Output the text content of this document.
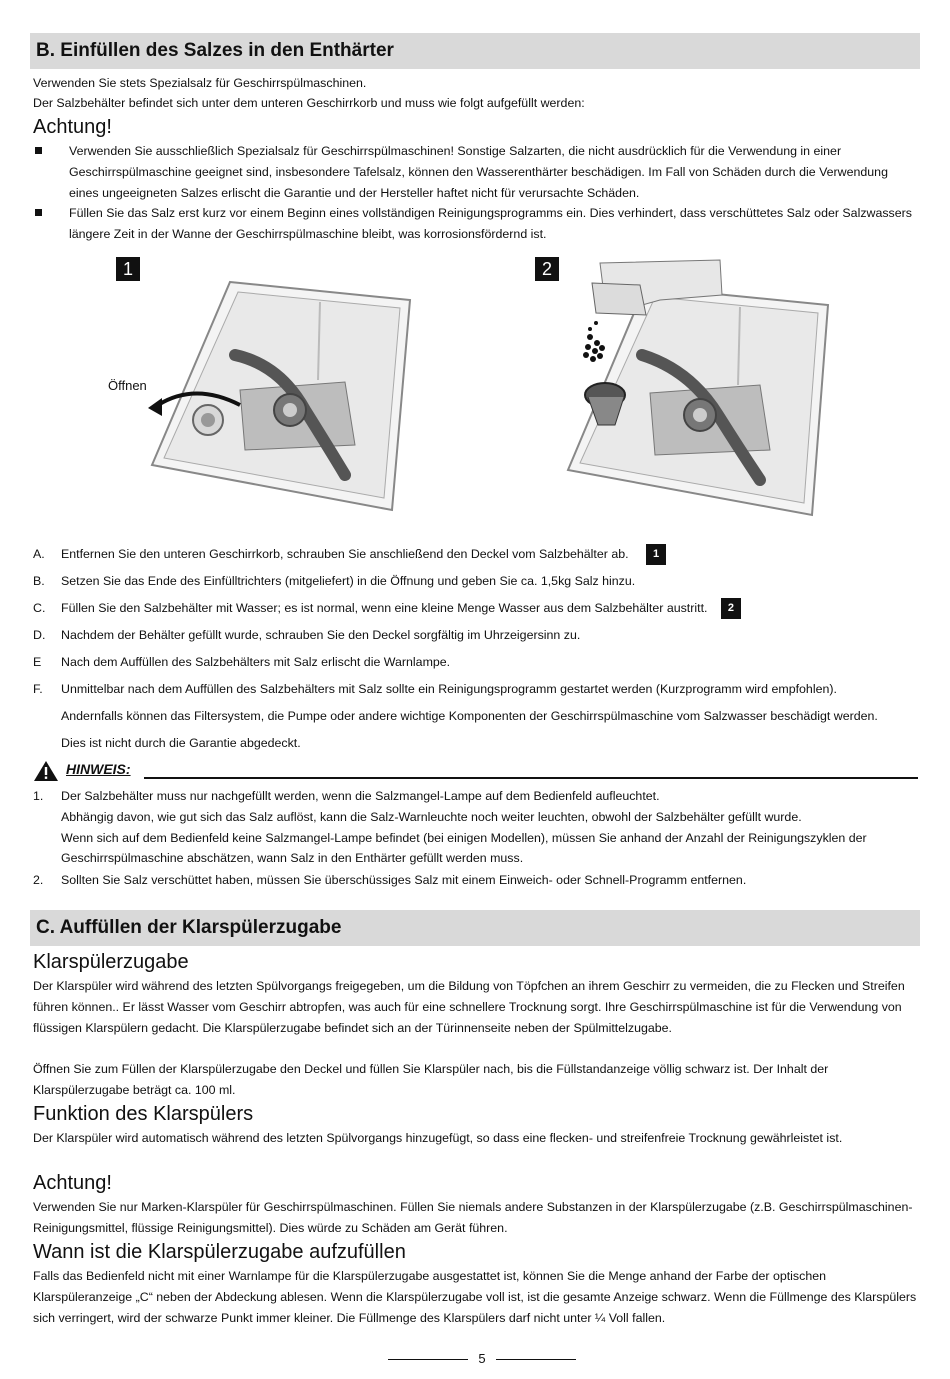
B. Einfüllen des Salzes in den Enthärter
Verwenden Sie stets Spezialsalz für Geschirrspülmaschinen.
Der Salzbehälter befindet sich unter dem unteren Geschirrkorb und muss wie folgt aufgefüllt werden:
Achtung!
Verwenden Sie ausschließlich Spezialsalz für Geschirrspülmaschinen! Sonstige Salzarten, die nicht ausdrücklich für die Verwendung in einer Geschirrspülmaschine geeignet sind, insbesondere Tafelsalz, können den Wasserenthärter beschädigen. Im Fall von Schäden durch die Verwendung eines ungeeigneten Salzes erlischt die Garantie und der Hersteller haftet nicht für verursachte Schäden.
Füllen Sie das Salz erst kurz vor einem Beginn eines vollständigen Reinigungsprogramms ein. Dies verhindert, dass verschüttetes Salz oder Salzwassers längere Zeit in der Wanne der Geschirrspülmaschine bleibt, was korrosionsfördernd ist.
1
Öffnen
2
A. Entfernen Sie den unteren Geschirrkorb, schrauben Sie anschließend den Deckel vom Salzbehälter ab. 1
B. Setzen Sie das Ende des Einfülltrichters (mitgeliefert) in die Öffnung und geben Sie ca. 1,5kg Salz hinzu.
C. Füllen Sie den Salzbehälter mit Wasser; es ist normal, wenn eine kleine Menge Wasser aus dem Salzbehälter austritt. 2
D. Nachdem der Behälter gefüllt wurde, schrauben Sie den Deckel sorgfältig im Uhrzeigersinn zu.
E Nach dem Auffüllen des Salzbehälters mit Salz erlischt die Warnlampe.
F. Unmittelbar nach dem Auffüllen des Salzbehälters mit Salz sollte ein Reinigungsprogramm gestartet werden (Kurzprogramm wird empfohlen). Andernfalls können das Filtersystem, die Pumpe oder andere wichtige Komponenten der Geschirrspülmaschine vom Salzwasser beschädigt werden. Dies ist nicht durch die Garantie abgedeckt.
HINWEIS:
1. Der Salzbehälter muss nur nachgefüllt werden, wenn die Salzmangel-Lampe auf dem Bedienfeld aufleuchtet.
Abhängig davon, wie gut sich das Salz auflöst, kann die Salz-Warnleuchte noch weiter leuchten, obwohl der Salzbehälter gefüllt wurde.
Wenn sich auf dem Bedienfeld keine Salzmangel-Lampe befindet (bei einigen Modellen), müssen Sie anhand der Anzahl der Reinigungszyklen der Geschirrspülmaschine abschätzen, wann Salz in den Enthärter gefüllt werden muss.
2. Sollten Sie Salz verschüttet haben, müssen Sie überschüssiges Salz mit einem Einweich- oder Schnell-Programm entfernen.
C. Auffüllen der Klarspülerzugabe
Klarspülerzugabe
Der Klarspüler wird während des letzten Spülvorgangs freigegeben, um die Bildung von Töpfchen an ihrem Geschirr zu vermeiden, die zu Flecken und Streifen führen können.. Er lässt Wasser vom Geschirr abtropfen, was auch für eine schnellere Trocknung sorgt. Ihre Geschirrspülmaschine ist für die Verwendung von flüssigen Klarspülern gedacht. Die Klarspülerzugabe befindet sich an der Türinnenseite neben der Spülmittelzugabe.
Öffnen Sie zum Füllen der Klarspülerzugabe den Deckel und füllen Sie Klarspüler nach, bis die Füllstandanzeige völlig schwarz ist. Der Inhalt der Klarspülerzugabe beträgt ca. 100 ml.
Funktion des Klarspülers
Der Klarspüler wird automatisch während des letzten Spülvorgangs hinzugefügt, so dass eine flecken- und streifenfreie Trocknung gewährleistet ist.
Achtung!
Verwenden Sie nur Marken-Klarspüler für Geschirrspülmaschinen. Füllen Sie niemals andere Substanzen in der Klarspülerzugabe (z.B. Geschirrspülmaschinen-Reinigungsmittel, flüssige Reinigungsmittel). Dies würde zu Schäden am Gerät führen.
Wann ist die Klarspülerzugabe aufzufüllen
Falls das Bedienfeld nicht mit einer Warnlampe für die Klarspülerzugabe ausgestattet ist, können Sie die Menge anhand der Farbe der optischen Klarspüleranzeige „C“ neben der Abdeckung ablesen. Wenn die Klarspülerzugabe voll ist, ist die gesamte Anzeige schwarz. Wenn die Füllmenge des Klarspülers sich verringert, wird der schwarze Punkt immer kleiner. Die Füllmenge des Klarspülers darf nicht unter ¼ Voll fallen.
5
